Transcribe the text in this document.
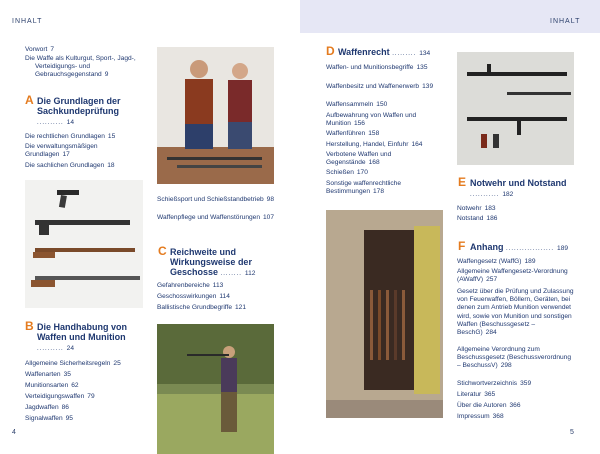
INHALT
Vorwort 7
Die Waffe als Kulturgut, Sport-, Jagd-, Verteidigungs- und Gebrauchsgegenstand 9
A Die Grundlagen der Sachkundeprüfung .......... 14
Die rechtlichen Grundlagen 15
Die verwaltungsmäßigen Grundlagen 17
Die sachlichen Grundlagen 18
B Die Handhabung von Waffen und Munition .......... 24
Allgemeine Sicherheitsregeln 25
Waffenarten 35
Munitionsarten 62
Verteidigungswaffen 79
Jagdwaffen 86
Signalwaffen 95
Schießsport und Schießstandbetrieb 98
Waffenpflege und Waffenstörungen 107
C Reichweite und Wirkungsweise der Geschosse ........ 112
Gefahrenbereiche 113
Geschosswirkungen 114
Ballistische Grundbegriffe 121
4
INHALT
D Waffenrecht ......... 134
Waffen- und Munitionsbegriffe 135
Waffenbesitz und Waffenerwerb 139
Waffensammeln 150
Aufbewahrung von Waffen und Munition 156
Waffenführen 158
Herstellung, Handel, Einfuhr 164
Verbotene Waffen und Gegenstände 168
Schießen 170
Sonstige waffenrechtliche Bestimmungen 178
E Notwehr und Notstand ........... 182
Notwehr 183
Notstand 186
F Anhang .................. 189
Waffengesetz (WaffG) 189
Allgemeine Waffengesetz-Verordnung (AWaffV) 257
Gesetz über die Prüfung und Zulassung von Feuerwaffen, Böllern, Geräten, bei denen zum Antrieb Munition verwendet wird, sowie von Munition und sonstigen Waffen (Beschussgesetz – BeschG) 284
Allgemeine Verordnung zum Beschussgesetz (Beschussverordnung – BeschussV) 298
Stichwortverzeichnis 359
Literatur 365
Über die Autoren 366
Impressum 368
5
